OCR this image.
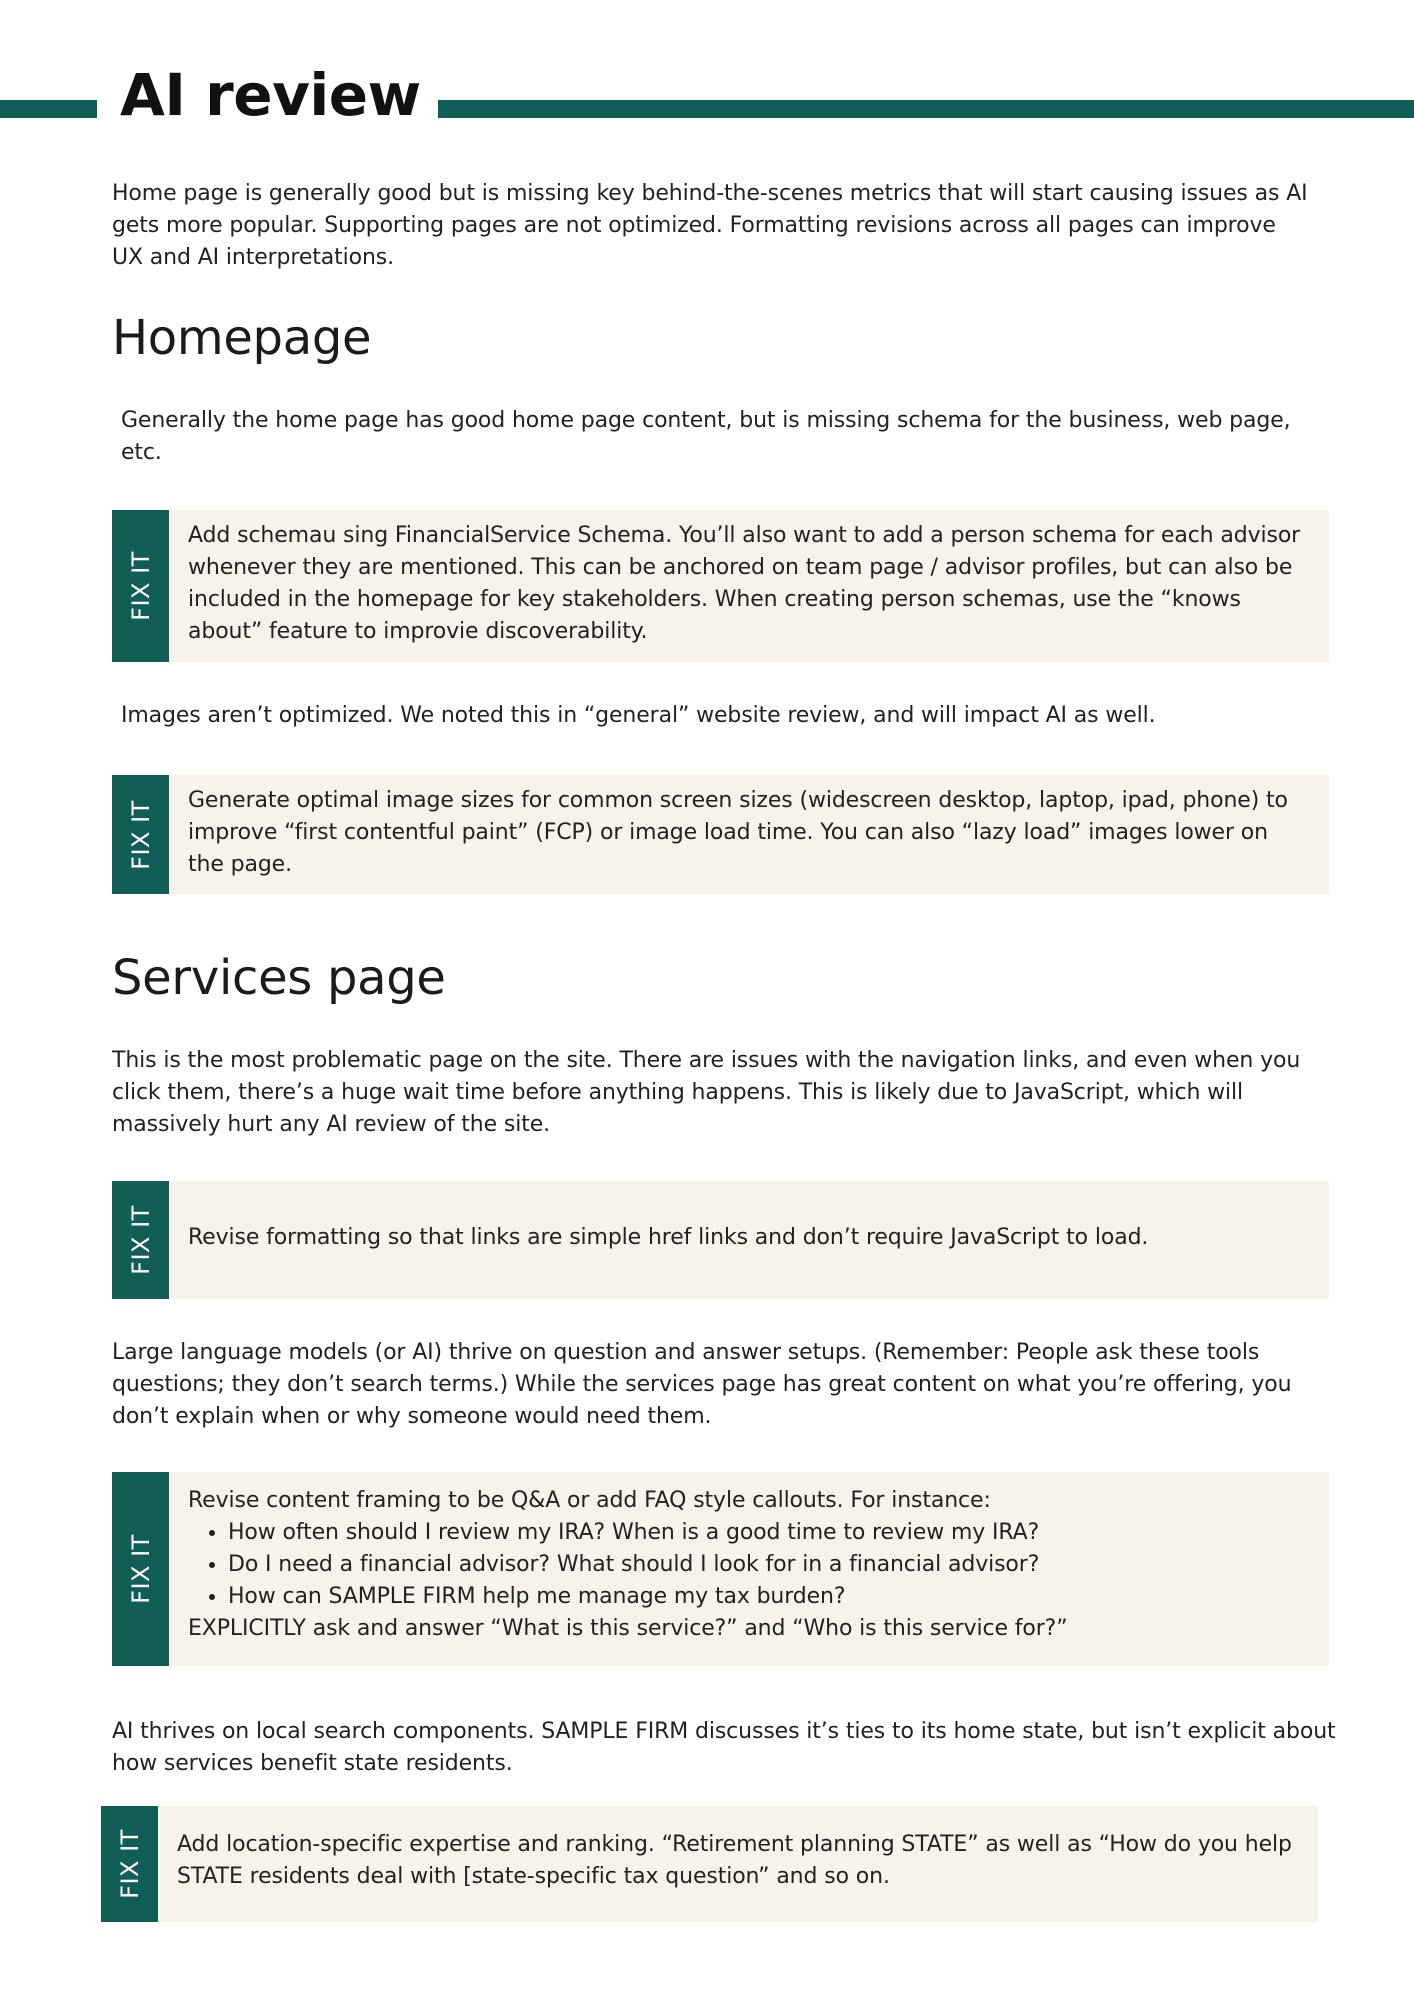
AI review

Home page is generally good but is missing key behind-the-scenes metrics that will start causing issues as AI gets more popular. Supporting pages are not optimized. Formatting revisions across all pages can improve UX and AI interpretations.

Homepage

Generally the home page has good home page content, but is missing schema for the business, web page, etc.

FIX IT

Add schemau sing FinancialService Schema. You’ll also want to add a person schema for each advisor whenever they are mentioned. This can be anchored on team page / advisor profiles, but can also be included in the homepage for key stakeholders. When creating person schemas, use the “knows about” feature to improvie discoverability.

Images aren’t optimized. We noted this in “general” website review, and will impact AI as well.

FIX IT Generate optimal image sizes for common screen sizes (widescreen desktop, laptop, ipad, phone) to improve “first contentful paint” (FCP) or image load time. You can also “lazy load” images lower on the page.

Services page

This is the most problematic page on the site. There are issues with the navigation links, and even when you click them, there’s a huge wait time before anything happens. This is likely due to JavaScript, which will massively hurt any AI review of the site.

FIX IT Revise formatting so that links are simple href links and don’t require JavaScript to load.

Large language models (or AI) thrive on question and answer setups. (Remember: People ask these tools questions; they don’t search terms.) While the services page has great content on what you’re offering, you don’t explain when or why someone would need them.

FIX IT

Revise content framing to be Q&A or add FAQ style callouts. For instance:

• How often should I review my IRA? When is a good time to review my IRA?
• Do I need a financial advisor? What should I look for in a financial advisor?
• How can SAMPLE FIRM help me manage my tax burden?

EXPLICITLY ask and answer “What is this service?” and “Who is this service for?”

AI thrives on local search components. SAMPLE FIRM discusses it’s ties to its home state, but isn’t explicit about how services benefit state residents.

FIX IT Add location-specific expertise and ranking. “Retirement planning STATE” as well as “How do you help STATE residents deal with [state-specific tax question” and so on.
